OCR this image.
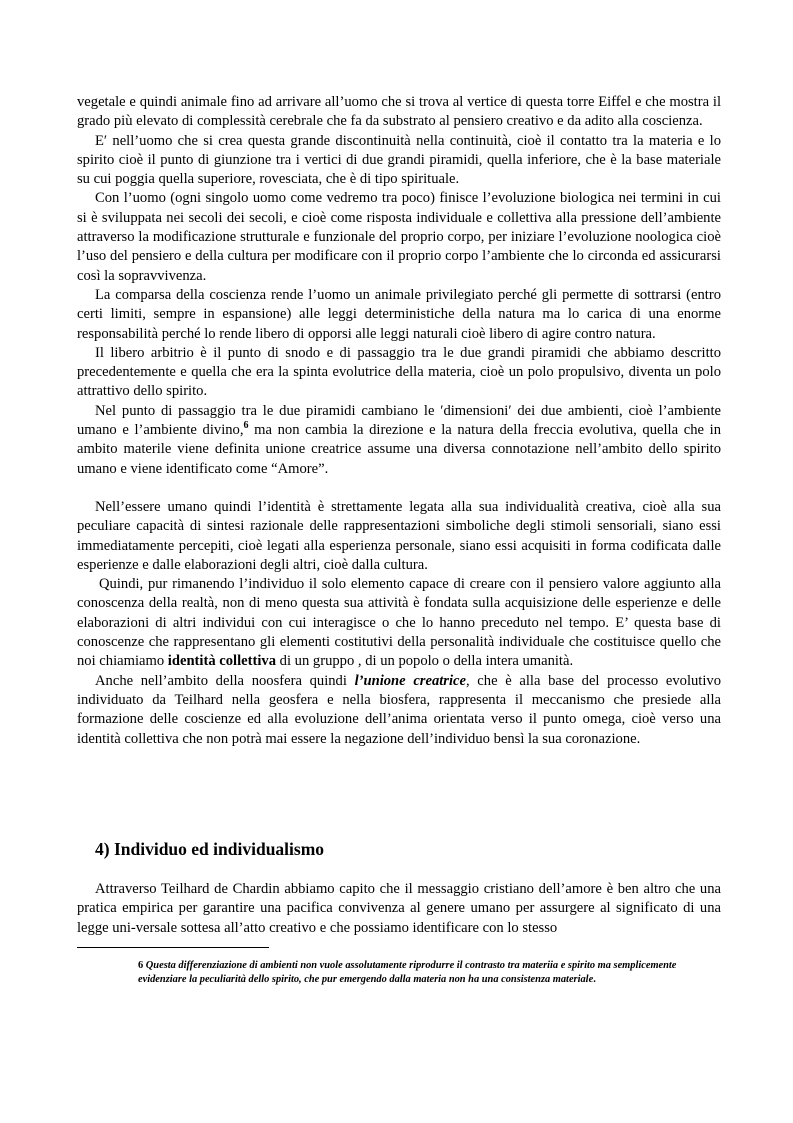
vegetale e quindi animale fino ad arrivare all’uomo che si trova al vertice di questa torre Eiffel e che mostra il grado più elevato di complessità cerebrale che fa da substrato al pensiero creativo e da adito alla coscienza.

E′ nell’uomo che si crea questa grande discontinuità nella continuità, cioè il contatto tra la materia e lo spirito cioè il punto di giunzione tra i vertici di due grandi piramidi, quella inferiore, che è la base materiale su cui poggia quella superiore, rovesciata, che è di tipo spirituale.

Con l’uomo (ogni singolo uomo come vedremo tra poco) finisce l’evoluzione biologica nei termini in cui si è sviluppata nei secoli dei secoli, e cioè come risposta individuale e collettiva alla pressione dell’ambiente attraverso la modificazione strutturale e funzionale del proprio corpo, per iniziare l’evoluzione noologica cioè l’uso del pensiero e della cultura per modificare con il proprio corpo l’ambiente che lo circonda ed assicurarsi così la sopravvivenza.

La comparsa della coscienza rende l’uomo un animale privilegiato perché gli permette di sottrarsi (entro certi limiti, sempre in espansione) alle leggi deterministiche della natura ma lo carica di una enorme responsabilità perché lo rende libero di opporsi alle leggi naturali cioè libero di agire contro natura.

Il libero arbitrio è il punto di snodo e di passaggio tra le due grandi piramidi che abbiamo descritto precedentemente e quella che era la spinta evolutrice della materia, cioè un polo propulsivo, diventa un polo attrattivo dello spirito.

Nel punto di passaggio tra le due piramidi cambiano le ′dimensioni′ dei due ambienti, cioè l’ambiente umano e l’ambiente divino,$^6$ ma non cambia la direzione e la natura della freccia evolutiva, quella che in ambito materile viene definita unione creatrice assume una diversa connotazione nell’ambito dello spirito umano e viene identificato come “Amore”.

Nell’essere umano quindi l’identità è strettamente legata alla sua individualità creativa, cioè alla sua peculiare capacità di sintesi razionale delle rappresentazioni simboliche degli stimoli sensoriali, siano essi immediatamente percepiti, cioè legati alla esperienza personale, siano essi acquisiti in forma codificata dalle esperienze e dalle elaborazioni degli altri, cioè dalla cultura.

Quindi, pur rimanendo l’individuo il solo elemento capace di creare con il pensiero valore aggiunto alla conoscenza della realtà, non di meno questa sua attività è fondata sulla acquisizione delle esperienze e delle elaborazioni di altri individui con cui interagisce o che lo hanno preceduto nel tempo. E’ questa base di conoscenze che rappresentano gli elementi costitutivi della personalità individuale che costituisce quello che noi chiamiamo identità collettiva di un gruppo , di un popolo o della intera umanità.

Anche nell’ambito della noosfera quindi l’unione creatrice, che è alla base del processo evolutivo individuato da Teilhard nella geosfera e nella biosfera, rappresenta il meccanismo che presiede alla formazione delle coscienze ed alla evoluzione dell’anima orientata verso il punto omega, cioè verso una identità collettiva che non potrà mai essere la negazione dell’individuo bensì la sua coronazione.

4) Individuo ed individualismo

Attraverso Teilhard de Chardin abbiamo capito che il messaggio cristiano dell’amore è ben altro che una pratica empirica per garantire una pacifica convivenza al genere umano per assurgere al significato di una legge uni-versale sottesa all’atto creativo e che possiamo identificare con lo stesso

6 Questa differenziazione di ambienti non vuole assolutamente riprodurre il contrasto tra materiia e spirito ma semplicemente evidenziare la peculiarità dello spirito, che pur emergendo dalla materia non ha una consistenza materiale.
